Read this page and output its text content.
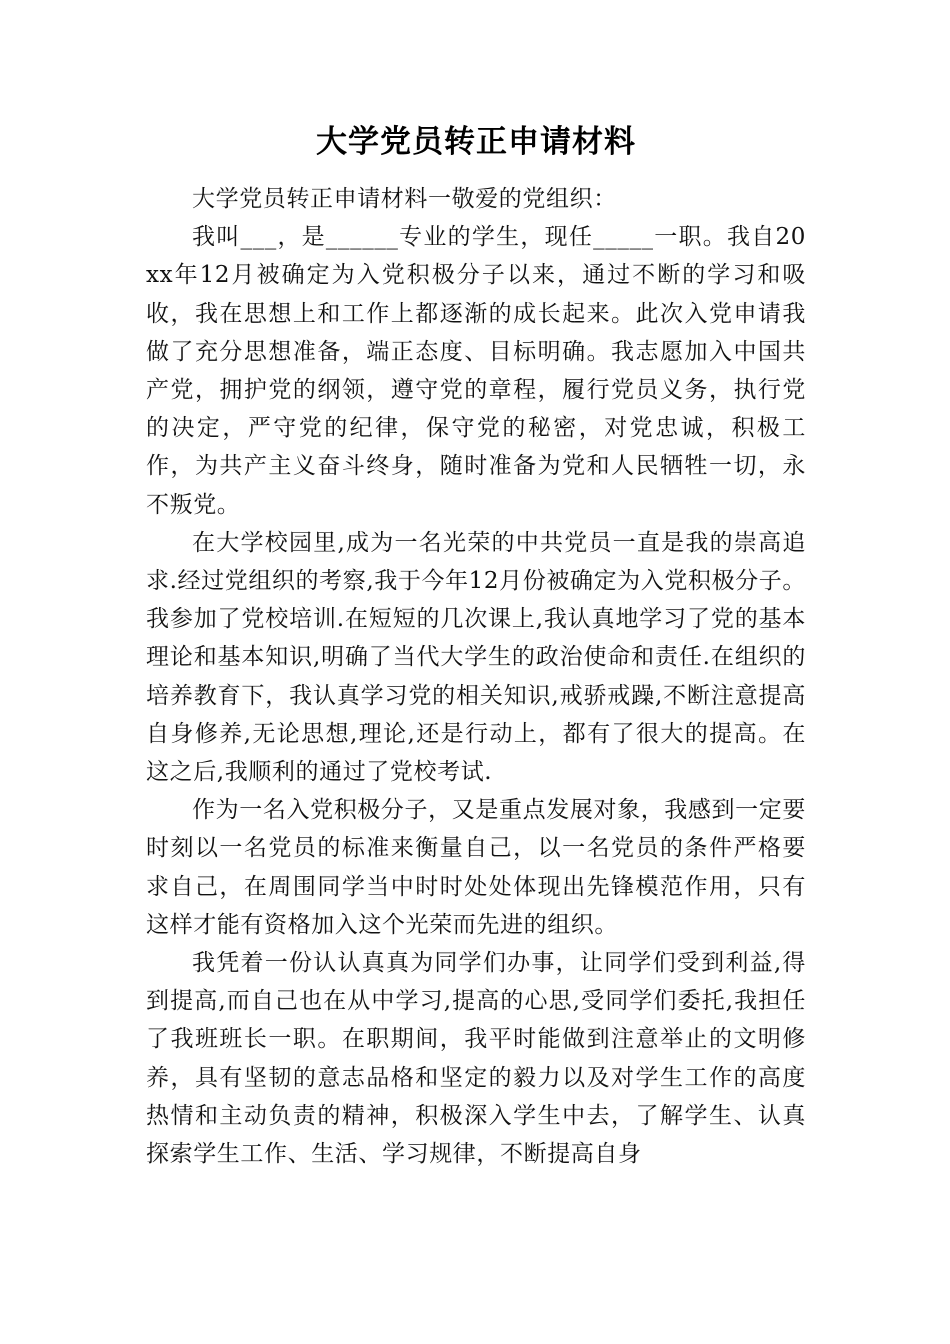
大学党员转正申请材料

大学党员转正申请材料一敬爱的党组织：

我叫___，是______专业的学生，现任_____一职。我自20xx年12月被确定为入党积极分子以来，通过不断的学习和吸收，我在思想上和工作上都逐渐的成长起来。此次入党申请我做了充分思想准备，端正态度、目标明确。我志愿加入中国共产党，拥护党的纲领，遵守党的章程，履行党员义务，执行党的决定，严守党的纪律，保守党的秘密，对党忠诚，积极工作，为共产主义奋斗终身，随时准备为党和人民牺牲一切，永不叛党。

在大学校园里,成为一名光荣的中共党员一直是我的崇高追求.经过党组织的考察,我于今年12月份被确定为入党积极分子。我参加了党校培训.在短短的几次课上,我认真地学习了党的基本理论和基本知识,明确了当代大学生的政治使命和责任.在组织的培养教育下，我认真学习党的相关知识,戒骄戒躁,不断注意提高自身修养,无论思想,理论,还是行动上，都有了很大的提高。在这之后,我顺利的通过了党校考试.

作为一名入党积极分子，又是重点发展对象，我感到一定要时刻以一名党员的标准来衡量自己，以一名党员的条件严格要求自己，在周围同学当中时时处处体现出先锋模范作用，只有这样才能有资格加入这个光荣而先进的组织。

我凭着一份认认真真为同学们办事，让同学们受到利益,得到提高,而自己也在从中学习,提高的心思,受同学们委托,我担任了我班班长一职。在职期间，我平时能做到注意举止的文明修养，具有坚韧的意志品格和坚定的毅力以及对学生工作的高度热情和主动负责的精神，积极深入学生中去，了解学生、认真探索学生工作、生活、学习规律，不断提高自身
